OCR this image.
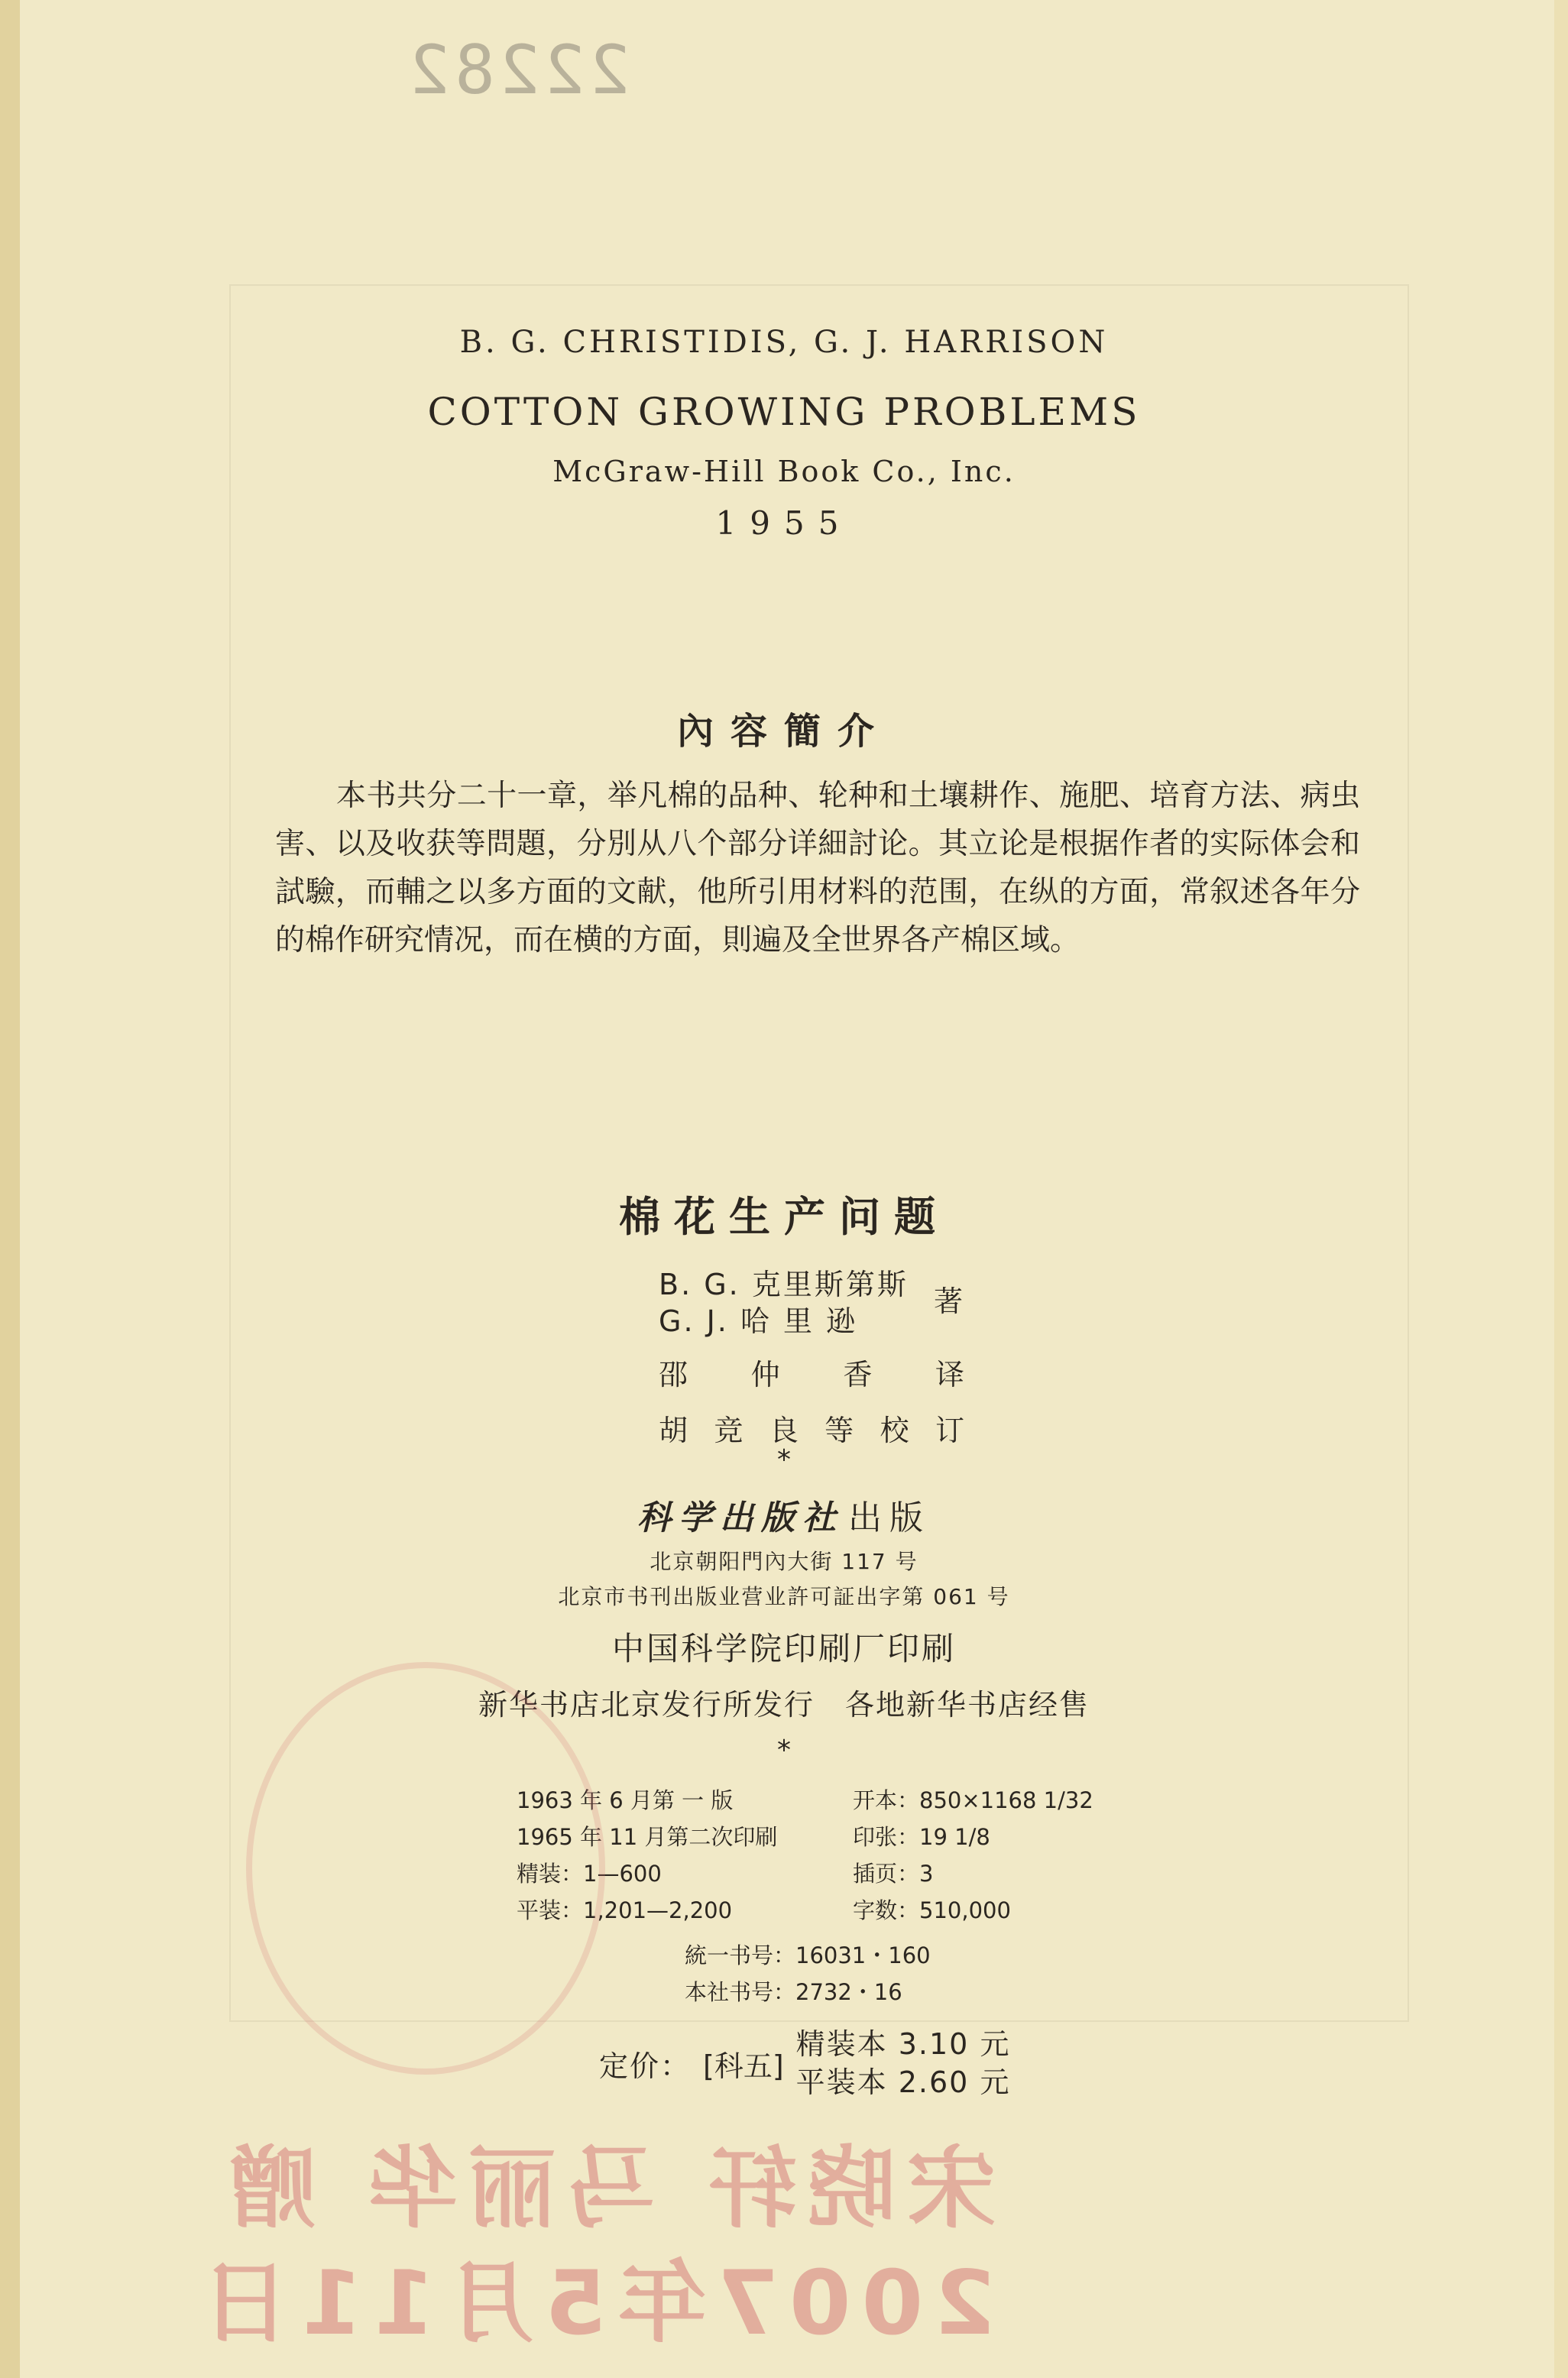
22282
B. G. CHRISTIDIS, G. J. HARRISON
COTTON GROWING PROBLEMS
McGraw-Hill Book Co., Inc.
1955
內容簡介
本书共分二十一章，举凡棉的品种、轮种和土壤耕作、施肥、培育方法、病虫害、以及收获等問題，分別从八个部分详細討论。其立论是根据作者的实际体会和試驗，而輔之以多方面的文献，他所引用材料的范围，在纵的方面，常叙述各年分的棉作研究情况，而在横的方面，則遍及全世界各产棉区域。
棉花生产问题
B. G. 克里斯第斯
G. J. 哈 里 逊
著
邵 仲 香 译
胡 竞 良 等 校 订
*
科学出版社 出版
北京朝阳門內大街 117 号
北京市书刊出版业营业許可証出字第 061 号
中国科学院印刷厂印刷
新华书店北京发行所发行 各地新华书店经售
*
1963 年 6 月第 一 版	开本：850×1168 1/32
1965 年 11 月第二次印刷	印张：19 1/8
精装：1—600	插页：3
平装：1,201—2,200	字数：510,000
統一书号：16031・160
本社书号：2732・16
定价： [科五]
精装本 3.10 元
平装本 2.60 元
宋晓轩 马丽华 赠
2007年5月11日
